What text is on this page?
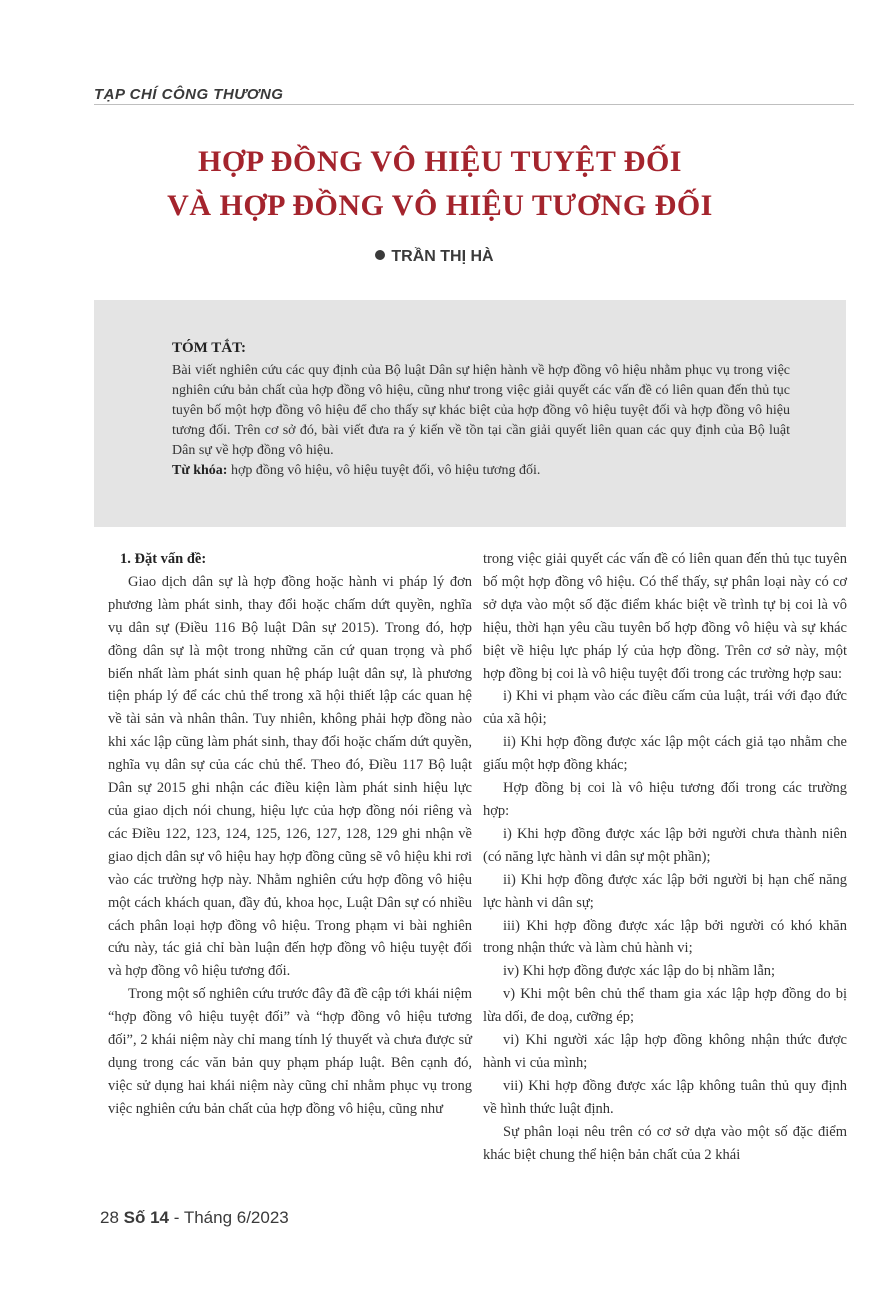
TẠP CHÍ CÔNG THƯƠNG
HỢP ĐỒNG VÔ HIỆU TUYỆT ĐỐI
VÀ HỢP ĐỒNG VÔ HIỆU TƯƠNG ĐỐI
TRẦN THỊ HÀ
TÓM TẮT:
Bài viết nghiên cứu các quy định của Bộ luật Dân sự hiện hành về hợp đồng vô hiệu nhằm phục vụ trong việc nghiên cứu bản chất của hợp đồng vô hiệu, cũng như trong việc giải quyết các vấn đề có liên quan đến thủ tục tuyên bố một hợp đồng vô hiệu để cho thấy sự khác biệt của hợp đồng vô hiệu tuyệt đối và hợp đồng vô hiệu tương đối. Trên cơ sở đó, bài viết đưa ra ý kiến về tồn tại cần giải quyết liên quan các quy định của Bộ luật Dân sự về hợp đồng vô hiệu.
Từ khóa: hợp đồng vô hiệu, vô hiệu tuyệt đối, vô hiệu tương đối.

1. Đặt vấn đề:

Giao dịch dân sự là hợp đồng hoặc hành vi pháp lý đơn phương làm phát sinh, thay đổi hoặc chấm dứt quyền, nghĩa vụ dân sự (Điều 116 Bộ luật Dân sự 2015). Trong đó, hợp đồng dân sự là một trong những căn cứ quan trọng và phổ biến nhất làm phát sinh quan hệ pháp luật dân sự, là phương tiện pháp lý để các chủ thể trong xã hội thiết lập các quan hệ về tài sản và nhân thân. Tuy nhiên, không phải hợp đồng nào khi xác lập cũng làm phát sinh, thay đổi hoặc chấm dứt quyền, nghĩa vụ dân sự của các chủ thể. Theo đó, Điều 117 Bộ luật Dân sự 2015 ghi nhận các điều kiện làm phát sinh hiệu lực của giao dịch nói chung, hiệu lực của hợp đồng nói riêng và các Điều 122, 123, 124, 125, 126, 127, 128, 129 ghi nhận về giao dịch dân sự vô hiệu hay hợp đồng cũng sẽ vô hiệu khi rơi vào các trường hợp này. Nhằm nghiên cứu hợp đồng vô hiệu một cách khách quan, đầy đủ, khoa học, Luật Dân sự có nhiều cách phân loại hợp đồng vô hiệu. Trong phạm vi bài nghiên cứu này, tác giả chỉ bàn luận đến hợp đồng vô hiệu tuyệt đối và hợp đồng vô hiệu tương đối.

Trong một số nghiên cứu trước đây đã đề cập tới khái niệm “hợp đồng vô hiệu tuyệt đối” và “hợp đồng vô hiệu tương đối”, 2 khái niệm này chỉ mang tính lý thuyết và chưa được sử dụng trong các văn bản quy phạm pháp luật. Bên cạnh đó, việc sử dụng hai khái niệm này cũng chỉ nhằm phục vụ trong việc nghiên cứu bản chất của hợp đồng vô hiệu, cũng như

trong việc giải quyết các vấn đề có liên quan đến thủ tục tuyên bố một hợp đồng vô hiệu. Có thể thấy, sự phân loại này có cơ sở dựa vào một số đặc điểm khác biệt về trình tự bị coi là vô hiệu, thời hạn yêu cầu tuyên bố hợp đồng vô hiệu và sự khác biệt về hiệu lực pháp lý của hợp đồng. Trên cơ sở này, một hợp đồng bị coi là vô hiệu tuyệt đối trong các trường hợp sau:

i) Khi vi phạm vào các điều cấm của luật, trái với đạo đức của xã hội;

ii) Khi hợp đồng được xác lập một cách giả tạo nhằm che giấu một hợp đồng khác;

Hợp đồng bị coi là vô hiệu tương đối trong các trường hợp:

i) Khi hợp đồng được xác lập bởi người chưa thành niên (có năng lực hành vi dân sự một phần);

ii) Khi hợp đồng được xác lập bởi người bị hạn chế năng lực hành vi dân sự;

iii) Khi hợp đồng được xác lập bởi người có khó khăn trong nhận thức và làm chủ hành vi;

iv) Khi hợp đồng được xác lập do bị nhầm lẫn;

v) Khi một bên chủ thể tham gia xác lập hợp đồng do bị lừa dối, đe doạ, cưỡng ép;

vi) Khi người xác lập hợp đồng không nhận thức được hành vi của mình;

vii) Khi hợp đồng được xác lập không tuân thủ quy định về hình thức luật định.

Sự phân loại nêu trên có cơ sở dựa vào một số đặc điểm khác biệt chung thể hiện bản chất của 2 khái

28 Số 14 - Tháng 6/2023
